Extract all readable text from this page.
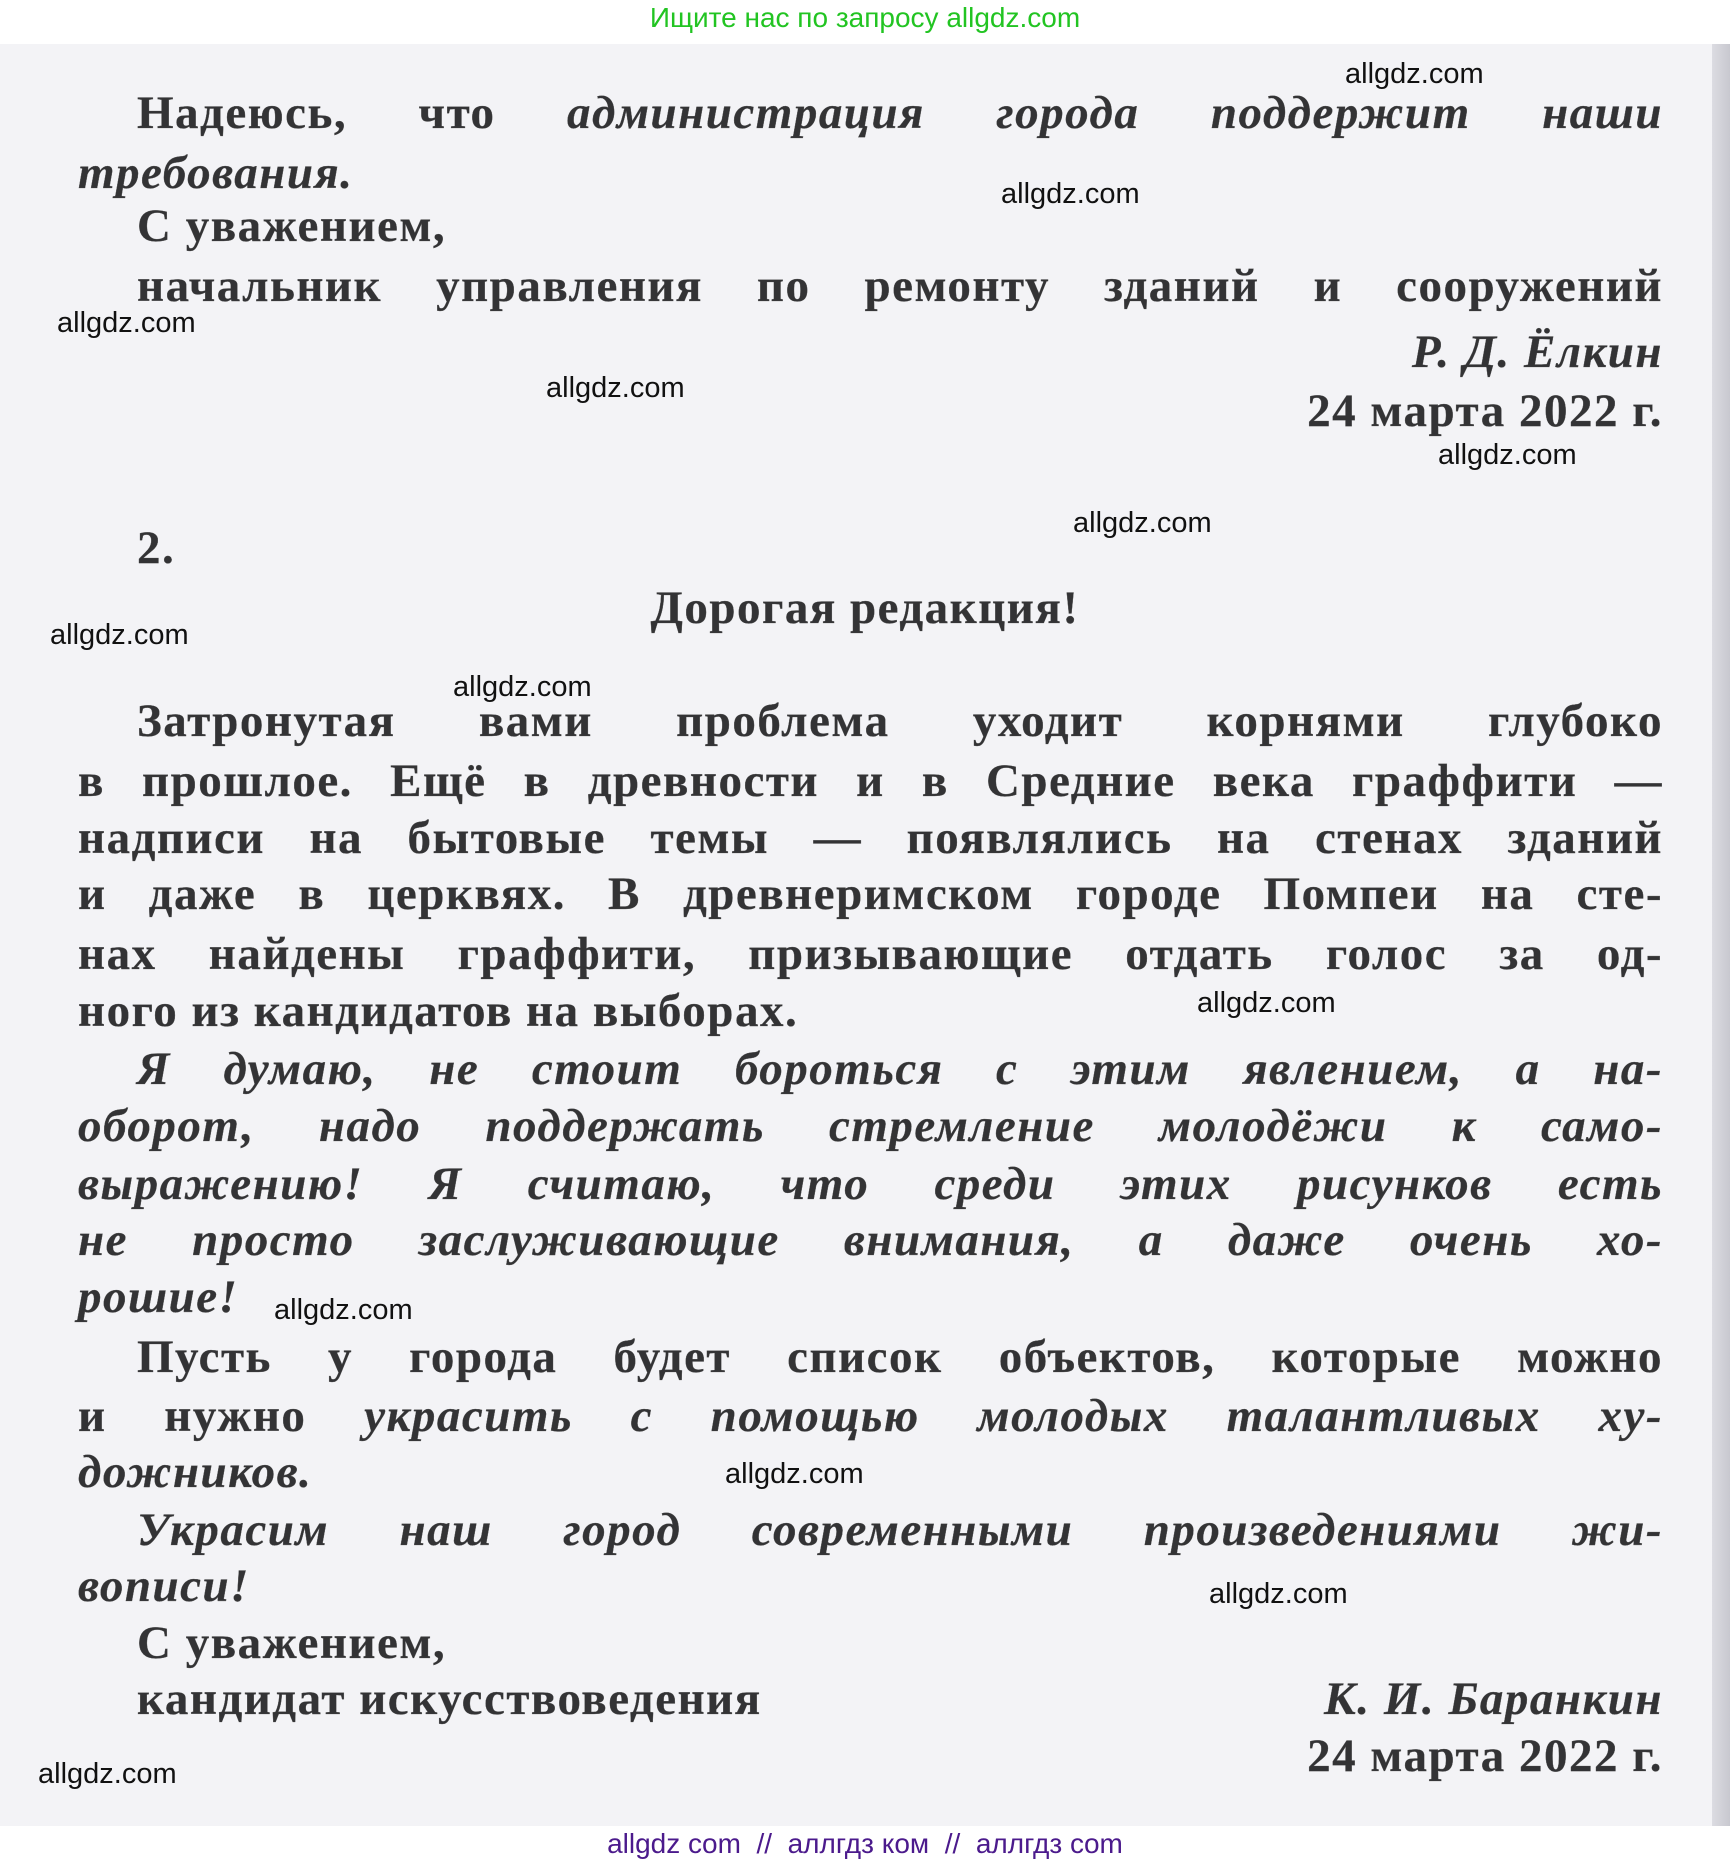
Ищите нас по запросу allgdz.com
Надеюсь, что администрация города поддержит наши
требования.
С уважением,
начальник управления по ремонту зданий и сооружений
Р. Д. Ёлкин
24 марта 2022 г.
2.
Дорогая редакция!
Затронутая вами проблема уходит корнями глубоко
в прошлое. Ещё в древности и в Средние века граффити —
надписи на бытовые темы — появлялись на стенах зданий
и даже в церквях. В древнеримском городе Помпеи на сте-
нах найдены граффити, призывающие отдать голос за од-
ного из кандидатов на выборах.
Я думаю, не стоит бороться с этим явлением, а на-
оборот, надо поддержать стремление молодёжи к само-
выражению! Я считаю, что среди этих рисунков есть
не просто заслуживающие внимания, а даже очень хо-
рошие!
Пусть у города будет список объектов, которые можно
и нужно украсить с помощью молодых талантливых ху-
дожников.
Украсим наш город современными произведениями жи-
вописи!
С уважением,
кандидат искусствоведения	К. И. Баранкин
24 марта 2022 г.
allgdz.com
allgdz.com
allgdz.com
allgdz.com
allgdz.com
allgdz.com
allgdz.com
allgdz.com
allgdz.com
allgdz.com
allgdz.com
allgdz.com
allgdz.com
allgdz com  //  аллгдз ком  //  аллгдз com
